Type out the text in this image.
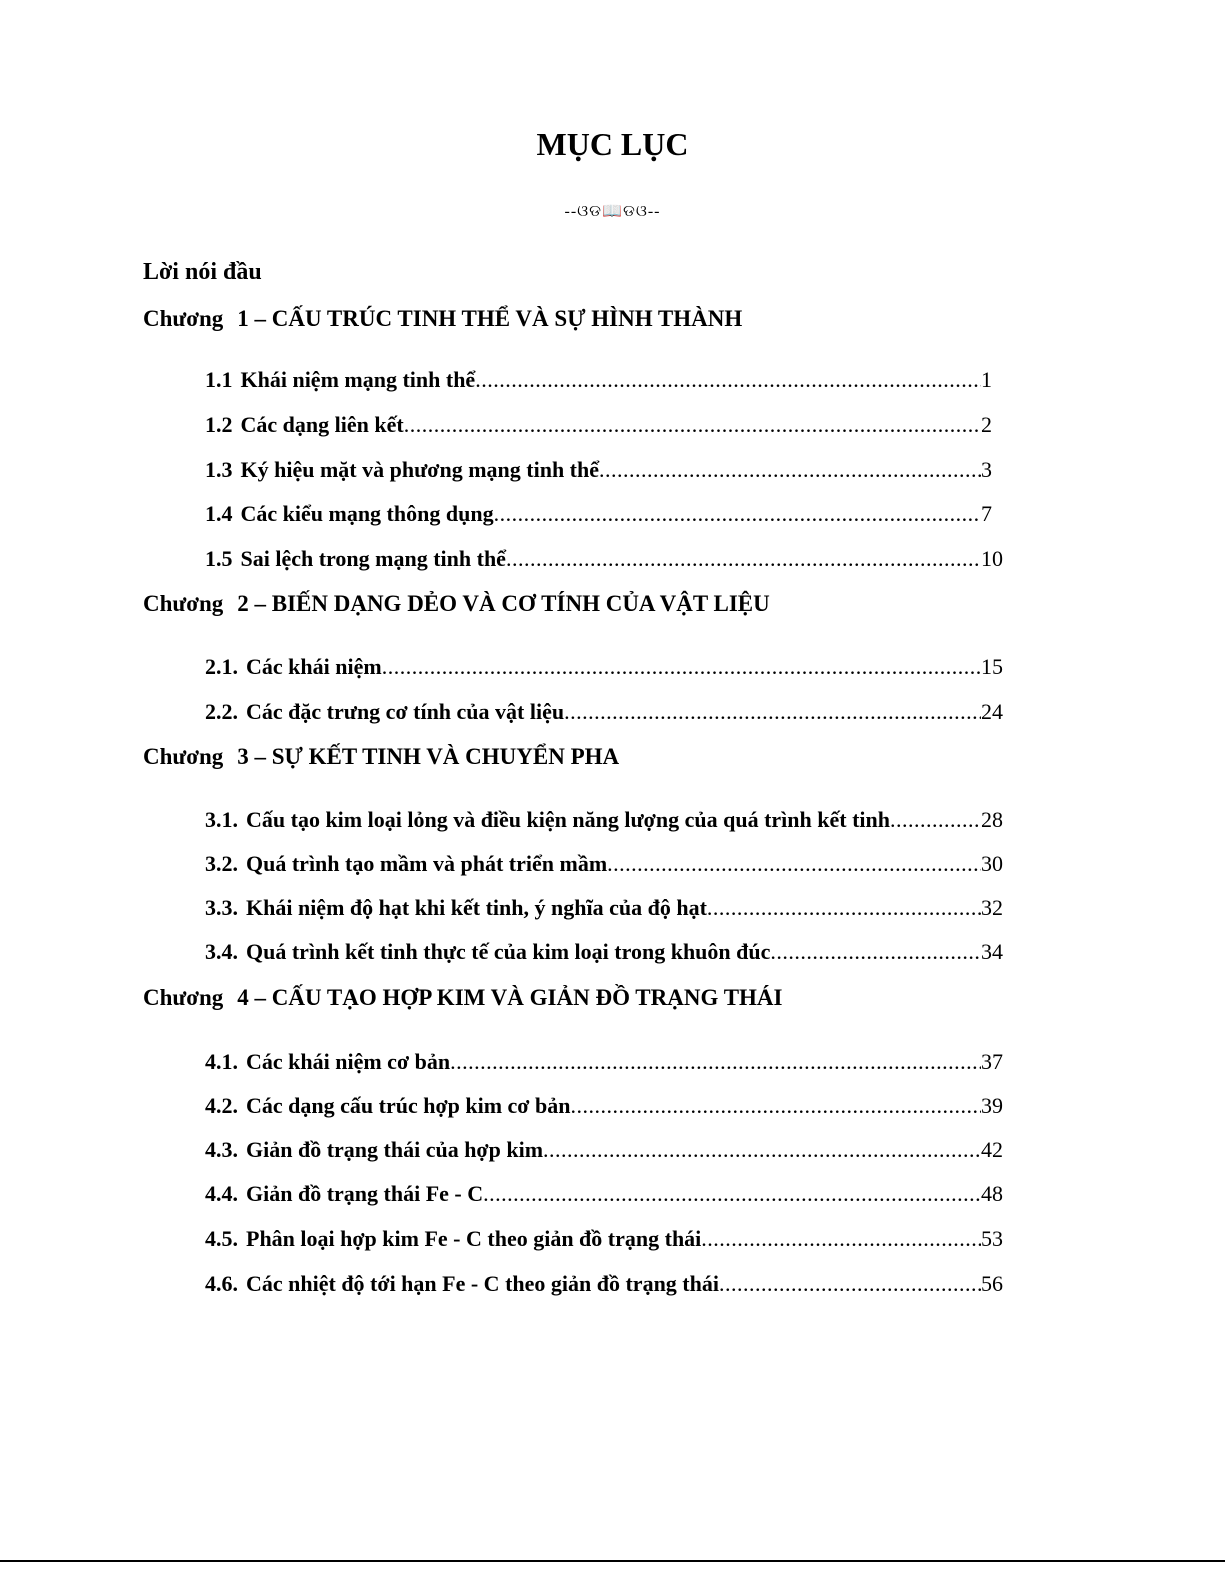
MỤC LỤC
--ଓଡ📖ଡଓ--
Lời nói đầu
Chương 1 – CẤU TRÚC TINH THỂ VÀ SỰ HÌNH THÀNH
1.1 Khái niệm mạng tinh thể .....	1
1.2 Các dạng liên kết .....	2
1.3 Ký hiệu mặt và phương mạng tinh thể .....	3
1.4 Các kiểu mạng thông dụng .....	7
1.5 Sai lệch trong mạng tinh thể .....	10
Chương 2 – BIẾN DẠNG DẺO VÀ CƠ TÍNH CỦA VẬT LIỆU
2.1. Các khái niệm .....	15
2.2. Các đặc trưng cơ tính của vật liệu .....	24
Chương 3 – SỰ KẾT TINH VÀ CHUYỂN PHA
3.1. Cấu tạo kim loại lỏng và điều kiện năng lượng của quá trình kết tinh .....	28
3.2. Quá trình tạo mầm và phát triển mầm .....	30
3.3. Khái niệm độ hạt khi kết tinh, ý nghĩa của độ hạt .....	32
3.4. Quá trình kết tinh thực tế của kim loại trong khuôn đúc .....	34
Chương 4 – CẤU TẠO HỢP KIM VÀ GIẢN ĐỒ TRẠNG THÁI
4.1. Các khái niệm cơ bản .....	37
4.2. Các dạng cấu trúc hợp kim cơ bản .....	39
4.3. Giản đồ trạng thái của hợp kim .....	42
4.4. Giản đồ trạng thái Fe - C .....	48
4.5. Phân loại hợp kim Fe - C theo giản đồ trạng thái .....	53
4.6. Các nhiệt độ tới hạn Fe - C theo giản đồ trạng thái .....	56
